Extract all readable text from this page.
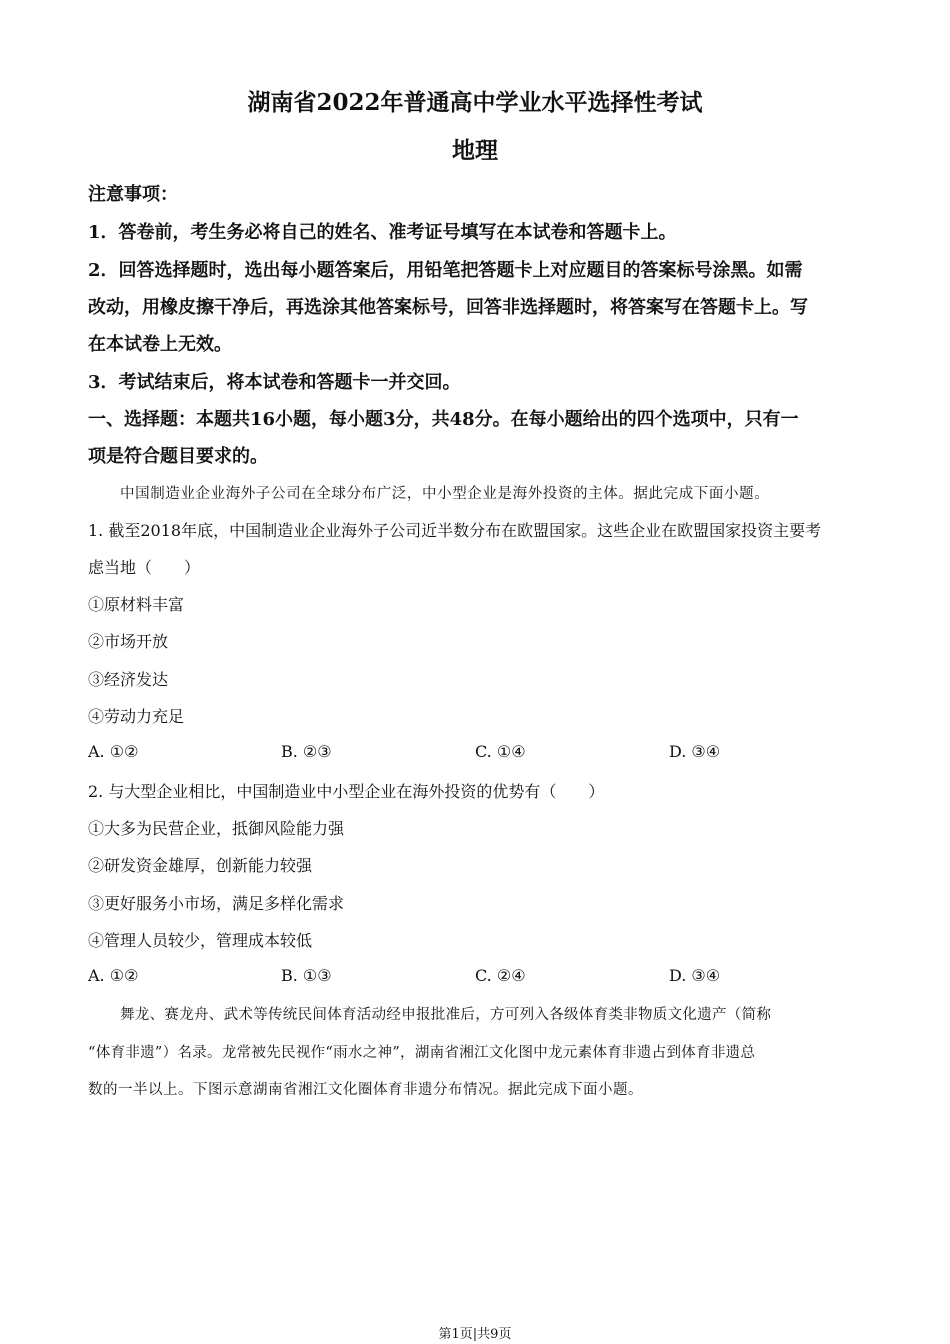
湖南省2022年普通高中学业水平选择性考试
地理
注意事项：
1．答卷前，考生务必将自己的姓名、准考证号填写在本试卷和答题卡上。
2．回答选择题时，选出每小题答案后，用铅笔把答题卡上对应题目的答案标号涂黑。如需
改动，用橡皮擦干净后，再选涂其他答案标号，回答非选择题时，将答案写在答题卡上。写
在本试卷上无效。
3．考试结束后，将本试卷和答题卡一并交回。
一、选择题：本题共16小题，每小题3分，共48分。在每小题给出的四个选项中，只有一
项是符合题目要求的。
中国制造业企业海外子公司在全球分布广泛，中小型企业是海外投资的主体。据此完成下面小题。
1. 截至2018年底，中国制造业企业海外子公司近半数分布在欧盟国家。这些企业在欧盟国家投资主要考
虑当地（　　）
①原材料丰富
②市场开放
③经济发达
④劳动力充足
A. ①②	B. ②③	C. ①④	D. ③④
2. 与大型企业相比，中国制造业中小型企业在海外投资的优势有（　　）
①大多为民营企业，抵御风险能力强
②研发资金雄厚，创新能力较强
③更好服务小市场，满足多样化需求
④管理人员较少，管理成本较低
A. ①②	B. ①③	C. ②④	D. ③④
舞龙、赛龙舟、武术等传统民间体育活动经申报批准后，方可列入各级体育类非物质文化遗产（简称
“体育非遗”）名录。龙常被先民视作“雨水之神”，湖南省湘江文化图中龙元素体育非遗占到体育非遗总
数的一半以上。下图示意湖南省湘江文化圈体育非遗分布情况。据此完成下面小题。
第1页|共9页
